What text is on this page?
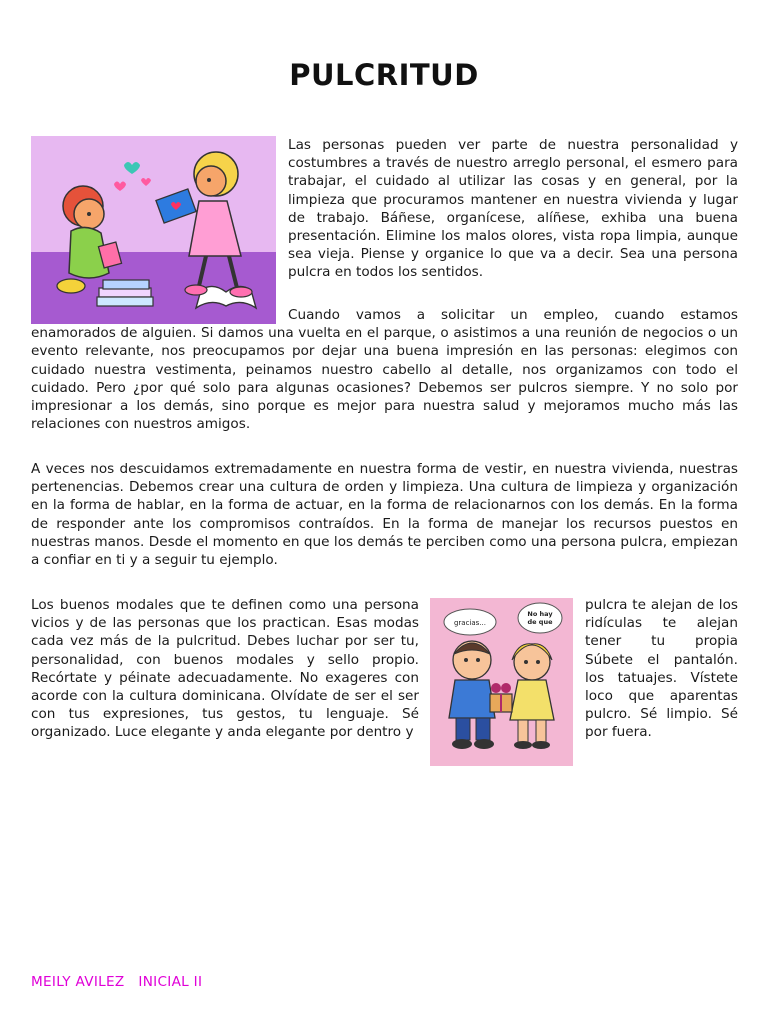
PULCRITUD

Las personas pueden ver parte de nuestra personalidad y costumbres a través de nuestro arreglo personal, el esmero para trabajar, el cuidado al utilizar las cosas y en general, por la limpieza que procuramos mantener en nuestra vivienda y lugar de trabajo. Báñese, organícese, alíñese, exhiba una buena presentación. Elimine los malos olores, vista ropa limpia, aunque sea vieja. Piense y organice lo que va a decir. Sea una persona pulcra en todos los sentidos.

Cuando vamos a solicitar un empleo, cuando estamos enamorados de alguien. Si damos una vuelta en el parque, o asistimos a una reunión de negocios o un evento relevante, nos preocupamos por dejar una buena impresión en las personas: elegimos con cuidado nuestra vestimenta, peinamos nuestro cabello al detalle, nos organizamos con todo el cuidado. Pero ¿por qué solo para algunas ocasiones? Debemos ser pulcros siempre. Y no solo por impresionar a los demás, sino porque es mejor para nuestra salud y mejoramos mucho más las relaciones con nuestros amigos.

A veces nos descuidamos extremadamente en nuestra forma de vestir, en nuestra vivienda, nuestras pertenencias. Debemos crear una cultura de orden y limpieza. Una cultura de limpieza y organización en la forma de hablar, en la forma de actuar, en la forma de relacionarnos con los demás. En la forma de responder ante los compromisos contraídos. En la forma de manejar los recursos puestos en nuestras manos. Desde el momento en que los demás te perciben como una persona pulcra, empiezan a confiar en ti y a seguir tu ejemplo.

Los buenos modales que te definen como una persona vicios y de las personas que los practican. Esas modas cada vez más de la pulcritud. Debes luchar por ser tu, personalidad, con buenos modales y sello propio. Recórtate y péinate adecuadamente. No exageres con acorde con la cultura dominicana. Olvídate de ser el ser con tus expresiones, tus gestos, tu lenguaje. Sé organizado. Luce elegante y anda elegante por dentro y

gracias...
No hay
de que

pulcra te alejan de los ridículas te alejan tener tu propia Súbete el pantalón. los tatuajes. Vístete loco que aparentas pulcro. Sé limpio. Sé por fuera.

MEILY AVILEZ   INICIAL II
